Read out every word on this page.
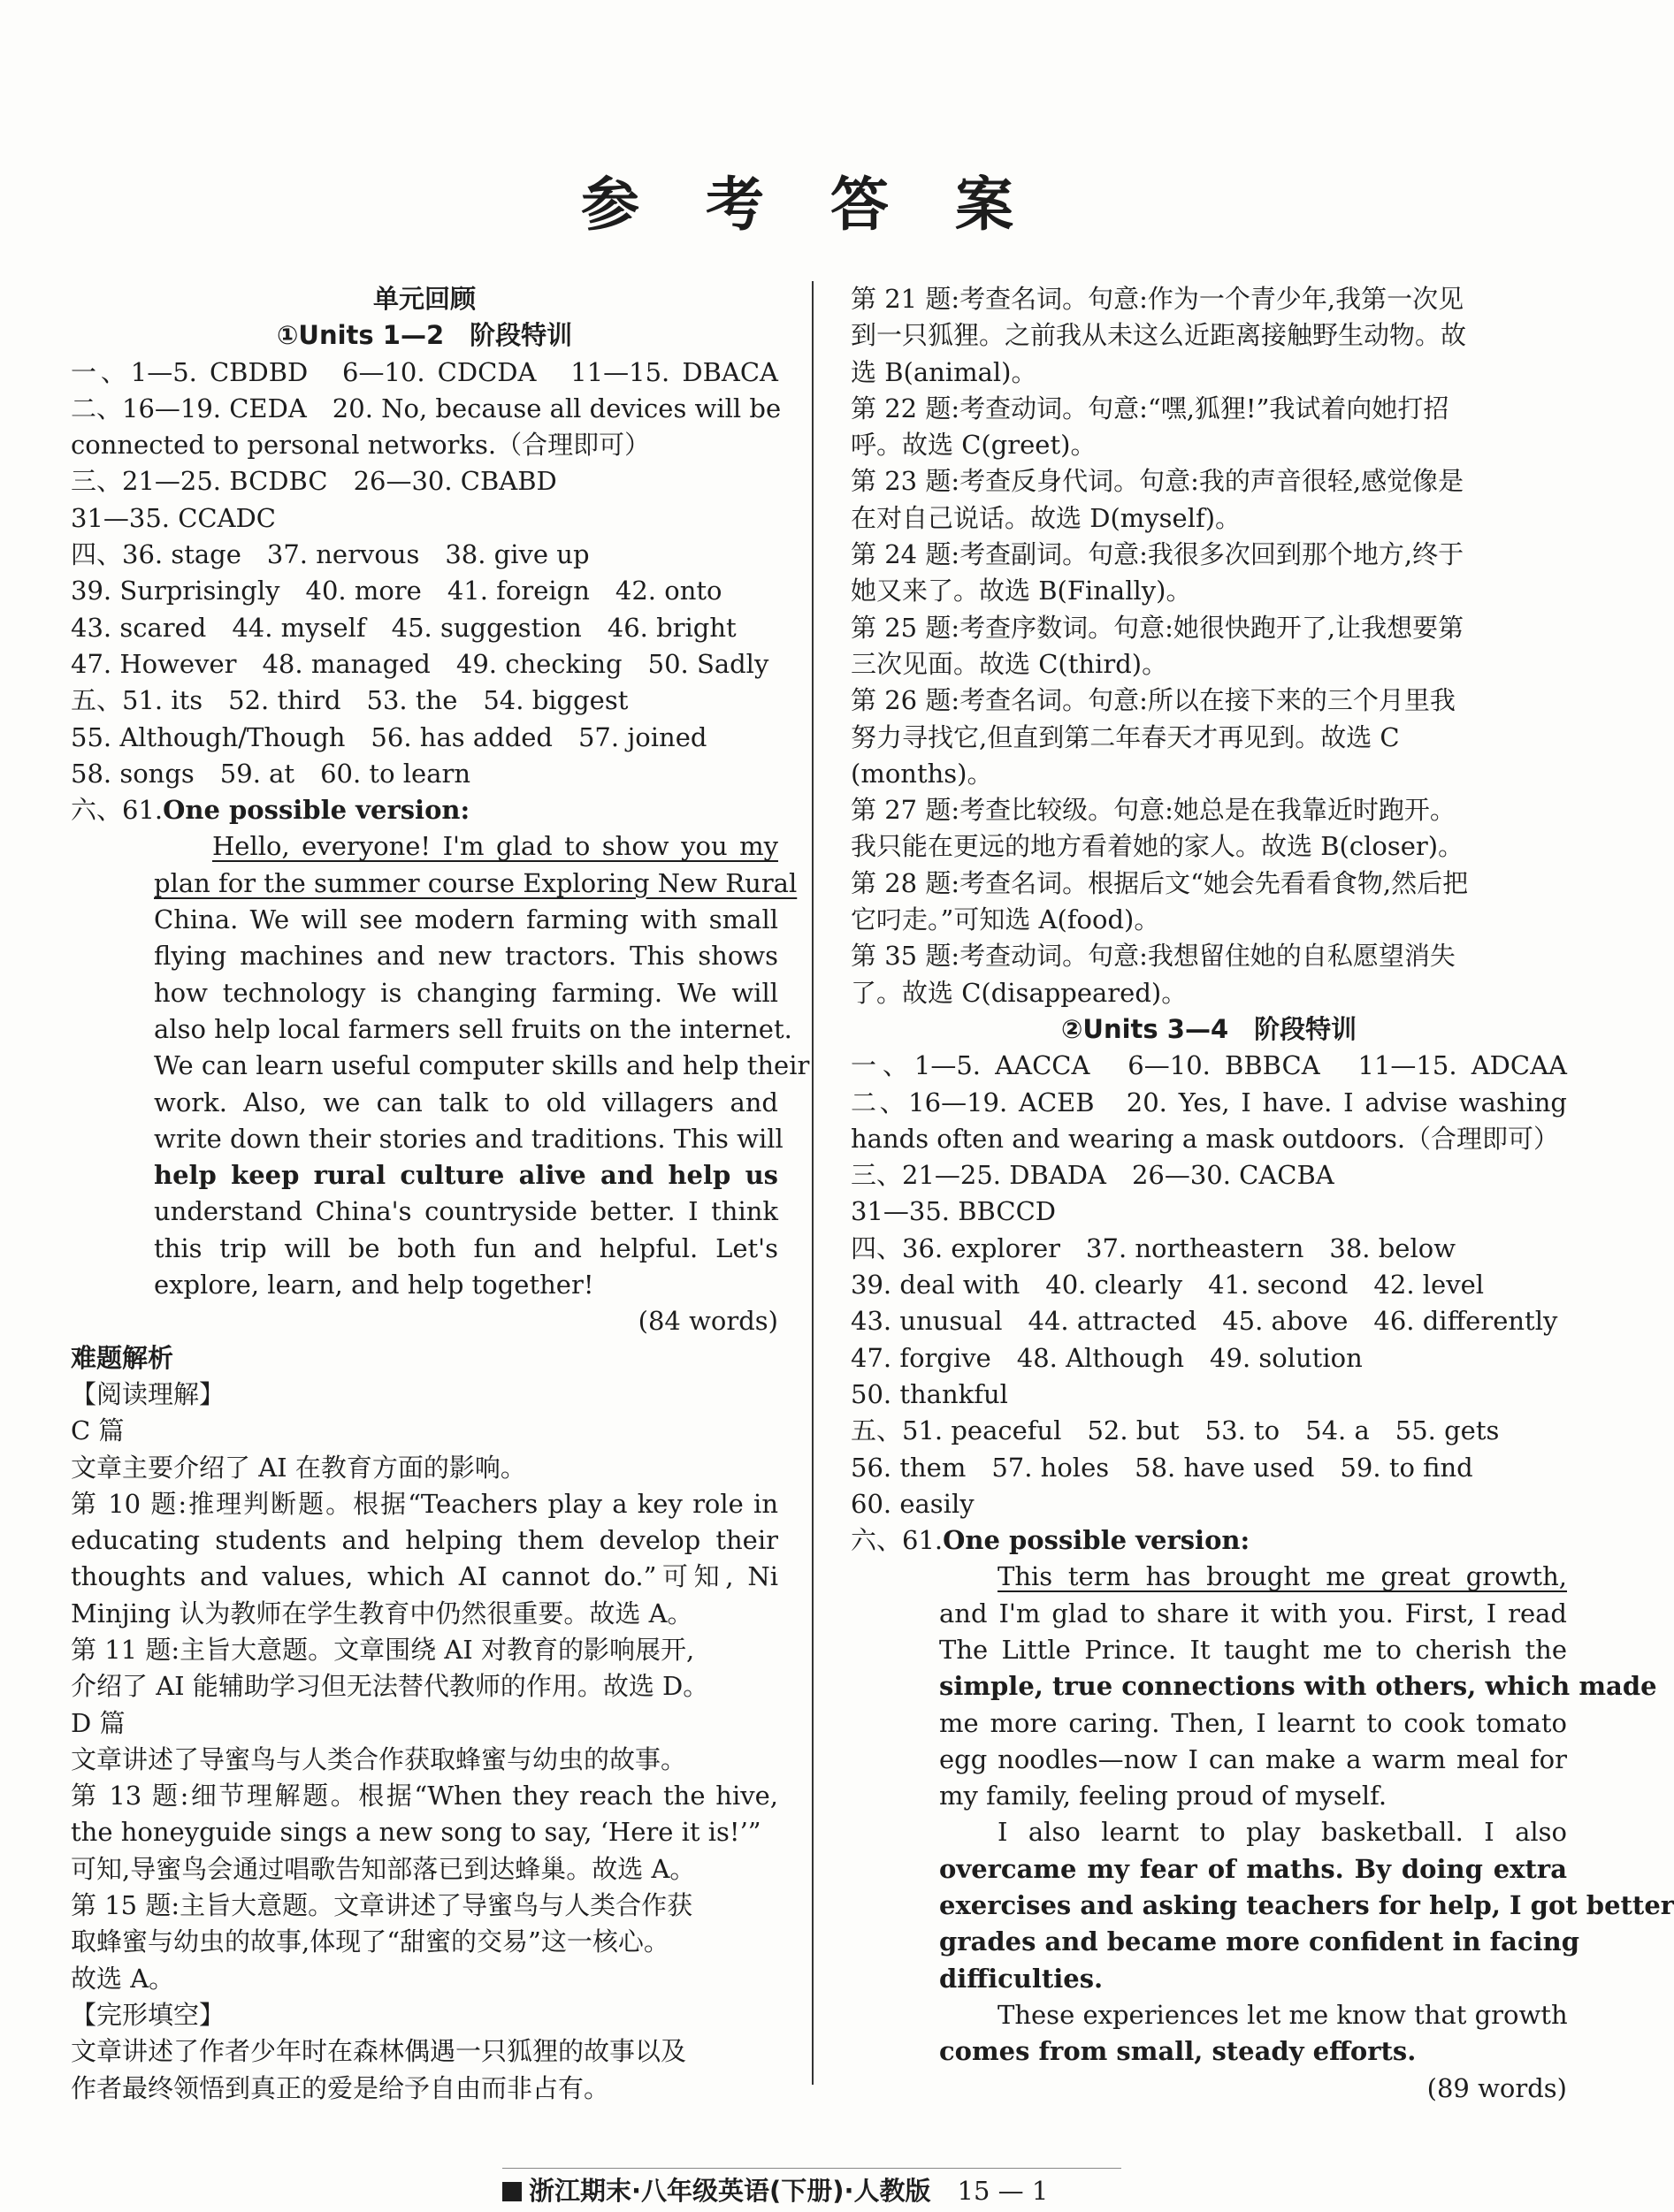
参 考 答 案
单元回顾
①Units 1—2　阶段特训
一、1—5. CBDBD　6—10. CDCDA　11—15. DBACA
二、16—19. CEDA　20. No, because all devices will be
connected to personal networks.（合理即可）
三、21—25. BCDBC　26—30. CBABD
31—35. CCADC
四、36. stage　37. nervous　38. give up
39. Surprisingly　40. more　41. foreign　42. onto
43. scared　44. myself　45. suggestion　46. bright
47. However　48. managed　49. checking　50. Sadly
五、51. its　52. third　53. the　54. biggest
55. Although/Though　56. has added　57. joined
58. songs　59. at　60. to learn
六、61.One possible version:
Hello, everyone! I'm glad to show you my
plan for the summer course Exploring New Rural
China. We will see modern farming with small
flying machines and new tractors. This shows
how technology is changing farming. We will
also help local farmers sell fruits on the internet.
We can learn useful computer skills and help their
work. Also, we can talk to old villagers and
write down their stories and traditions. This will
help keep rural culture alive and help us
understand China's countryside better. I think
this trip will be both fun and helpful. Let's
explore, learn, and help together!
(84 words)
难题解析
【阅读理解】
C 篇
文章主要介绍了 AI 在教育方面的影响。
第 10 题:推理判断题。根据“Teachers play a key role in
educating students and helping them develop their
thoughts and values, which AI cannot do.”可知, Ni
Minjing 认为教师在学生教育中仍然很重要。故选 A。
第 11 题:主旨大意题。文章围绕 AI 对教育的影响展开,
介绍了 AI 能辅助学习但无法替代教师的作用。故选 D。
D 篇
文章讲述了导蜜鸟与人类合作获取蜂蜜与幼虫的故事。
第 13 题:细节理解题。根据“When they reach the hive,
the honeyguide sings a new song to say, ‘Here it is!’”
可知,导蜜鸟会通过唱歌告知部落已到达蜂巢。故选 A。
第 15 题:主旨大意题。文章讲述了导蜜鸟与人类合作获
取蜂蜜与幼虫的故事,体现了“甜蜜的交易”这一核心。
故选 A。
【完形填空】
文章讲述了作者少年时在森林偶遇一只狐狸的故事以及
作者最终领悟到真正的爱是给予自由而非占有。
第 21 题:考查名词。句意:作为一个青少年,我第一次见
到一只狐狸。之前我从未这么近距离接触野生动物。故
选 B(animal)。
第 22 题:考查动词。句意:“嘿,狐狸!”我试着向她打招
呼。故选 C(greet)。
第 23 题:考查反身代词。句意:我的声音很轻,感觉像是
在对自己说话。故选 D(myself)。
第 24 题:考查副词。句意:我很多次回到那个地方,终于
她又来了。故选 B(Finally)。
第 25 题:考查序数词。句意:她很快跑开了,让我想要第
三次见面。故选 C(third)。
第 26 题:考查名词。句意:所以在接下来的三个月里我
努力寻找它,但直到第二年春天才再见到。故选 C
(months)。
第 27 题:考查比较级。句意:她总是在我靠近时跑开。
我只能在更远的地方看着她的家人。故选 B(closer)。
第 28 题:考查名词。根据后文“她会先看看食物,然后把
它叼走。”可知选 A(food)。
第 35 题:考查动词。句意:我想留住她的自私愿望消失
了。故选 C(disappeared)。
②Units 3—4　阶段特训
一、1—5. AACCA　6—10. BBBCA　11—15. ADCAA
二、16—19. ACEB　20. Yes, I have. I advise washing
hands often and wearing a mask outdoors.（合理即可）
三、21—25. DBADA　26—30. CACBA
31—35. BBCCD
四、36. explorer　37. northeastern　38. below
39. deal with　40. clearly　41. second　42. level
43. unusual　44. attracted　45. above　46. differently
47. forgive　48. Although　49. solution
50. thankful
五、51. peaceful　52. but　53. to　54. a　55. gets
56. them　57. holes　58. have used　59. to find
60. easily
六、61.One possible version:
This term has brought me great growth,
and I'm glad to share it with you. First, I read
The Little Prince. It taught me to cherish the
simple, true connections with others, which made
me more caring. Then, I learnt to cook tomato
egg noodles—now I can make a warm meal for
my family, feeling proud of myself.
I also learnt to play basketball. I also
overcame my fear of maths. By doing extra
exercises and asking teachers for help, I got better
grades and became more confident in facing
difficulties.
These experiences let me know that growth
comes from small, steady efforts.
(89 words)
浙江期末·八年级英语(下册)·人教版 15 — 1
